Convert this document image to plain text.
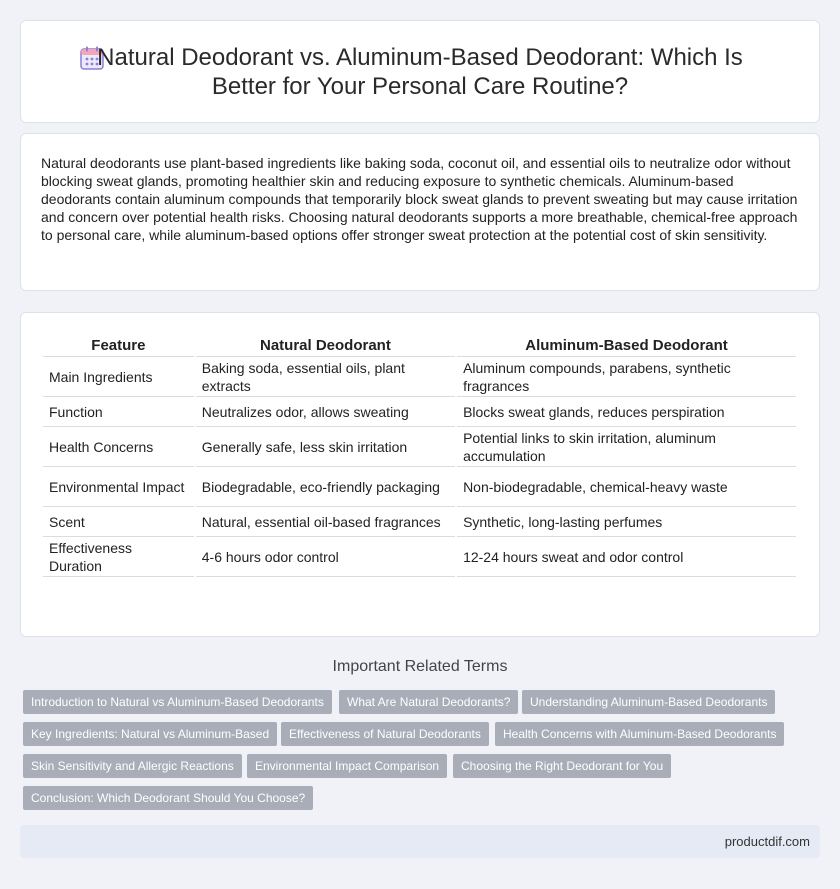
Natural Deodorant vs. Aluminum-Based Deodorant: Which Is Better for Your Personal Care Routine?

Natural deodorants use plant-based ingredients like baking soda, coconut oil, and essential oils to neutralize odor without blocking sweat glands, promoting healthier skin and reducing exposure to synthetic chemicals. Aluminum-based deodorants contain aluminum compounds that temporarily block sweat glands to prevent sweating but may cause irritation and concern over potential health risks. Choosing natural deodorants supports a more breathable, chemical-free approach to personal care, while aluminum-based options offer stronger sweat protection at the potential cost of skin sensitivity.

Feature	Natural Deodorant	Aluminum-Based Deodorant
Main Ingredients	Baking soda, essential oils, plant extracts	Aluminum compounds, parabens, synthetic fragrances
Function	Neutralizes odor, allows sweating	Blocks sweat glands, reduces perspiration
Health Concerns	Generally safe, less skin irritation	Potential links to skin irritation, aluminum accumulation
Environmental Impact	Biodegradable, eco-friendly packaging	Non-biodegradable, chemical-heavy waste
Scent	Natural, essential oil-based fragrances	Synthetic, long-lasting perfumes
Effectiveness Duration	4-6 hours odor control	12-24 hours sweat and odor control
Important Related Terms
Introduction to Natural vs Aluminum-Based Deodorants	What Are Natural Deodorants?	Understanding Aluminum-Based Deodorants
Key Ingredients: Natural vs Aluminum-Based	Effectiveness of Natural Deodorants	Health Concerns with Aluminum-Based Deodorants
Skin Sensitivity and Allergic Reactions	Environmental Impact Comparison	Choosing the Right Deodorant for You
Conclusion: Which Deodorant Should You Choose?
productdif.com
